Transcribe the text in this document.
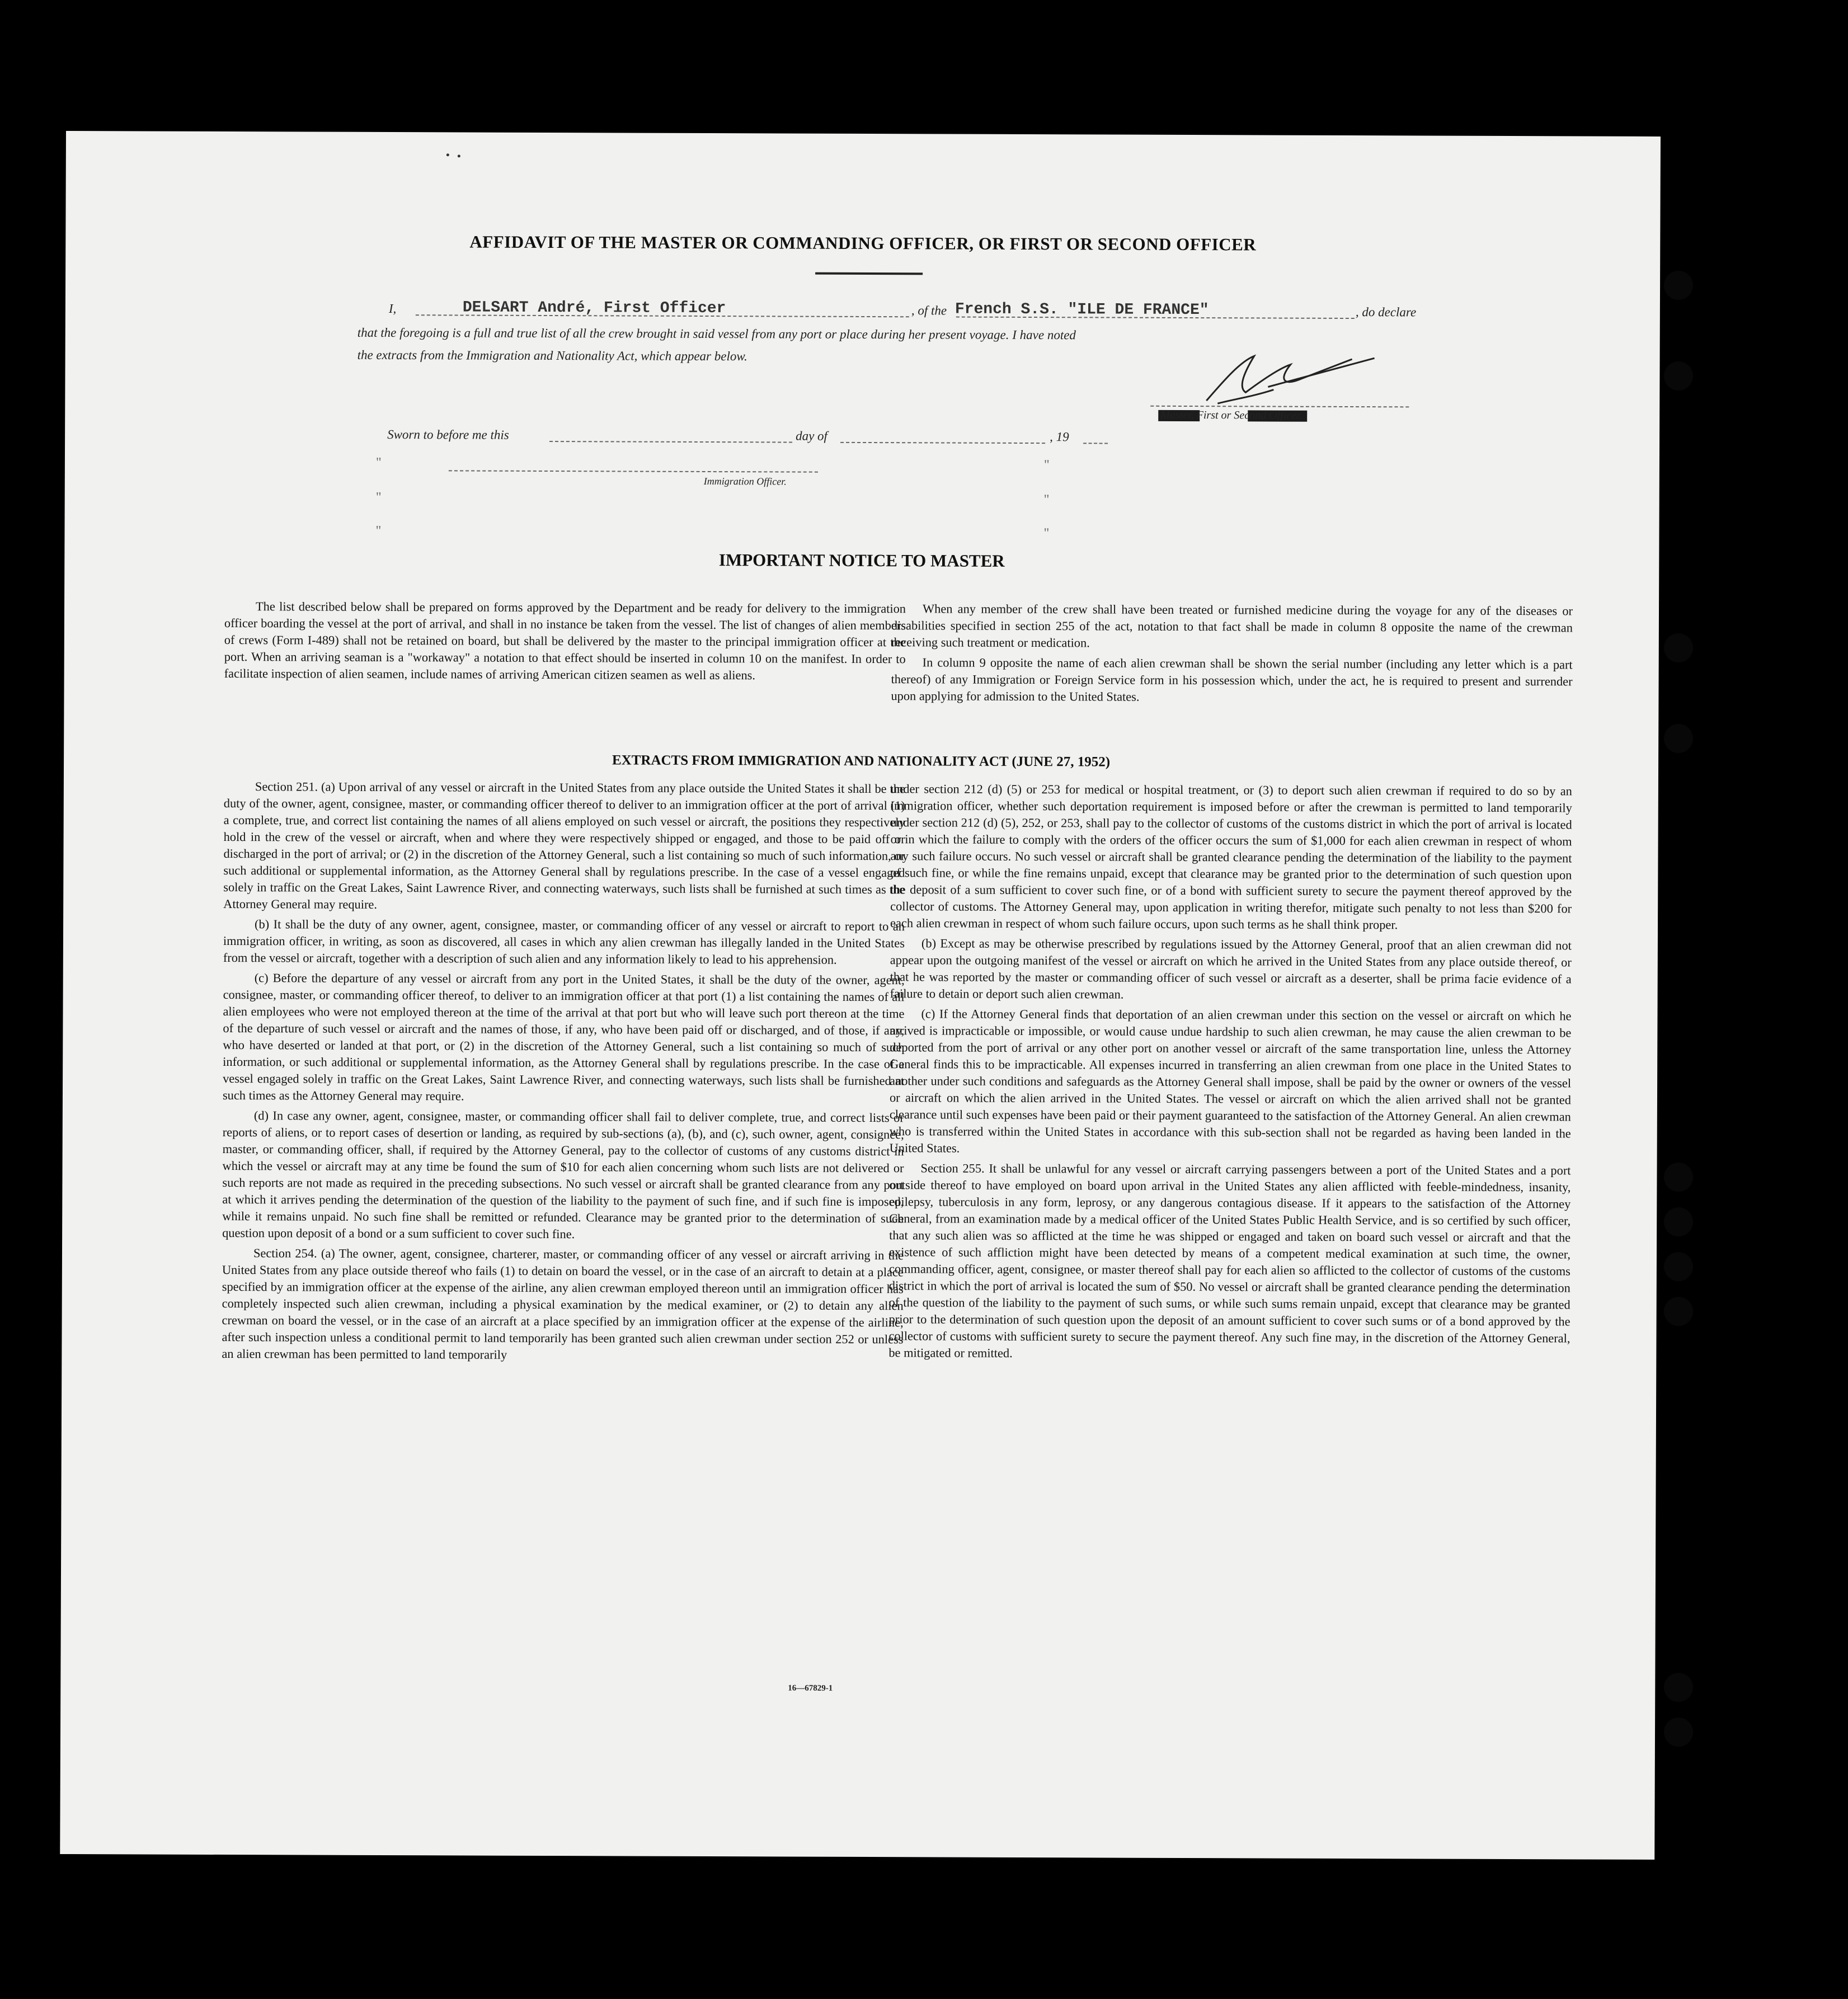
AFFIDAVIT OF THE MASTER OR COMMANDING OFFICER, OR FIRST OR SECOND OFFICER
I,	DELSART André, First Officer	, of the French S.S. "ILE DE FRANCE"	, do declare
that the foregoing is a full and true list of all the crew brought in said vessel from any port or place during her present voyage. I have noted
the extracts from the Immigration and Nationality Act, which appear below.
Master, First or Second Officer.
Sworn to before me this	day of	, 19
Immigration Officer.
"
"
"
"
"
"
IMPORTANT NOTICE TO MASTER

The list described below shall be prepared on forms approved by the Department and be ready for delivery to the immigration officer boarding the vessel at the port of arrival, and shall in no instance be taken from the vessel. The list of changes of alien members of crews (Form I-489) shall not be retained on board, but shall be delivered by the master to the principal immigration officer at the port. When an arriving seaman is a "workaway" a notation to that effect should be inserted in column 10 on the manifest. In order to facilitate inspection of alien seamen, include names of arriving American citizen seamen as well as aliens.

When any member of the crew shall have been treated or furnished medicine during the voyage for any of the diseases or disabilities specified in section 255 of the act, notation to that fact shall be made in column 8 opposite the name of the crewman receiving such treatment or medication.

In column 9 opposite the name of each alien crewman shall be shown the serial number (including any letter which is a part thereof) of any Immigration or Foreign Service form in his possession which, under the act, he is required to present and surrender upon applying for admission to the United States.

EXTRACTS FROM IMMIGRATION AND NATIONALITY ACT (JUNE 27, 1952)

Section 251. (a) Upon arrival of any vessel or aircraft in the United States from any place outside the United States it shall be the duty of the owner, agent, consignee, master, or commanding officer thereof to deliver to an immigration officer at the port of arrival (1) a complete, true, and correct list containing the names of all aliens employed on such vessel or aircraft, the positions they respectively hold in the crew of the vessel or aircraft, when and where they were respectively shipped or engaged, and those to be paid off or discharged in the port of arrival; or (2) in the discretion of the Attorney General, such a list containing so much of such information, or such additional or supplemental information, as the Attorney General shall by regulations prescribe. In the case of a vessel engaged solely in traffic on the Great Lakes, Saint Lawrence River, and connecting waterways, such lists shall be furnished at such times as the Attorney General may require.

(b) It shall be the duty of any owner, agent, consignee, master, or commanding officer of any vessel or aircraft to report to an immigration officer, in writing, as soon as discovered, all cases in which any alien crewman has illegally landed in the United States from the vessel or aircraft, together with a description of such alien and any information likely to lead to his apprehension.

(c) Before the departure of any vessel or aircraft from any port in the United States, it shall be the duty of the owner, agent, consignee, master, or commanding officer thereof, to deliver to an immigration officer at that port (1) a list containing the names of all alien employees who were not employed thereon at the time of the arrival at that port but who will leave such port thereon at the time of the departure of such vessel or aircraft and the names of those, if any, who have been paid off or discharged, and of those, if any, who have deserted or landed at that port, or (2) in the discretion of the Attorney General, such a list containing so much of such information, or such additional or supplemental information, as the Attorney General shall by regulations prescribe. In the case of a vessel engaged solely in traffic on the Great Lakes, Saint Lawrence River, and connecting waterways, such lists shall be furnished at such times as the Attorney General may require.

(d) In case any owner, agent, consignee, master, or commanding officer shall fail to deliver complete, true, and correct lists or reports of aliens, or to report cases of desertion or landing, as required by sub-sections (a), (b), and (c), such owner, agent, consignee, master, or commanding officer, shall, if required by the Attorney General, pay to the collector of customs of any customs district in which the vessel or aircraft may at any time be found the sum of $10 for each alien concerning whom such lists are not delivered or such reports are not made as required in the preceding subsections. No such vessel or aircraft shall be granted clearance from any port at which it arrives pending the determination of the question of the liability to the payment of such fine, and if such fine is imposed, while it remains unpaid. No such fine shall be remitted or refunded. Clearance may be granted prior to the determination of such question upon deposit of a bond or a sum sufficient to cover such fine.

Section 254. (a) The owner, agent, consignee, charterer, master, or commanding officer of any vessel or aircraft arriving in the United States from any place outside thereof who fails (1) to detain on board the vessel, or in the case of an aircraft to detain at a place specified by an immigration officer at the expense of the airline, any alien crewman employed thereon until an immigration officer has completely inspected such alien crewman, including a physical examination by the medical examiner, or (2) to detain any alien crewman on board the vessel, or in the case of an aircraft at a place specified by an immigration officer at the expense of the airline, after such inspection unless a conditional permit to land temporarily has been granted such alien crewman under section 252 or unless an alien crewman has been permitted to land temporarily

under section 212 (d) (5) or 253 for medical or hospital treatment, or (3) to deport such alien crewman if required to do so by an immigration officer, whether such deportation requirement is imposed before or after the crewman is permitted to land temporarily under section 212 (d) (5), 252, or 253, shall pay to the collector of customs of the customs district in which the port of arrival is located or in which the failure to comply with the orders of the officer occurs the sum of $1,000 for each alien crewman in respect of whom any such failure occurs. No such vessel or aircraft shall be granted clearance pending the determination of the liability to the payment of such fine, or while the fine remains unpaid, except that clearance may be granted prior to the determination of such question upon the deposit of a sum sufficient to cover such fine, or of a bond with sufficient surety to secure the payment thereof approved by the collector of customs. The Attorney General may, upon application in writing therefor, mitigate such penalty to not less than $200 for each alien crewman in respect of whom such failure occurs, upon such terms as he shall think proper.

(b) Except as may be otherwise prescribed by regulations issued by the Attorney General, proof that an alien crewman did not appear upon the outgoing manifest of the vessel or aircraft on which he arrived in the United States from any place outside thereof, or that he was reported by the master or commanding officer of such vessel or aircraft as a deserter, shall be prima facie evidence of a failure to detain or deport such alien crewman.

(c) If the Attorney General finds that deportation of an alien crewman under this section on the vessel or aircraft on which he arrived is impracticable or impossible, or would cause undue hardship to such alien crewman, he may cause the alien crewman to be deported from the port of arrival or any other port on another vessel or aircraft of the same transportation line, unless the Attorney General finds this to be impracticable. All expenses incurred in transferring an alien crewman from one place in the United States to another under such conditions and safeguards as the Attorney General shall impose, shall be paid by the owner or owners of the vessel or aircraft on which the alien arrived in the United States. The vessel or aircraft on which the alien arrived shall not be granted clearance until such expenses have been paid or their payment guaranteed to the satisfaction of the Attorney General. An alien crewman who is transferred within the United States in accordance with this sub-section shall not be regarded as having been landed in the United States.

Section 255. It shall be unlawful for any vessel or aircraft carrying passengers between a port of the United States and a port outside thereof to have employed on board upon arrival in the United States any alien afflicted with feeble-mindedness, insanity, epilepsy, tuberculosis in any form, leprosy, or any dangerous contagious disease. If it appears to the satisfaction of the Attorney General, from an examination made by a medical officer of the United States Public Health Service, and is so certified by such officer, that any such alien was so afflicted at the time he was shipped or engaged and taken on board such vessel or aircraft and that the existence of such affliction might have been detected by means of a competent medical examination at such time, the owner, commanding officer, agent, consignee, or master thereof shall pay for each alien so afflicted to the collector of customs of the customs district in which the port of arrival is located the sum of $50. No vessel or aircraft shall be granted clearance pending the determination of the question of the liability to the payment of such sums, or while such sums remain unpaid, except that clearance may be granted prior to the determination of such question upon the deposit of an amount sufficient to cover such sums or of a bond approved by the collector of customs with sufficient surety to secure the payment thereof. Any such fine may, in the discretion of the Attorney General, be mitigated or remitted.

16—67829-1
